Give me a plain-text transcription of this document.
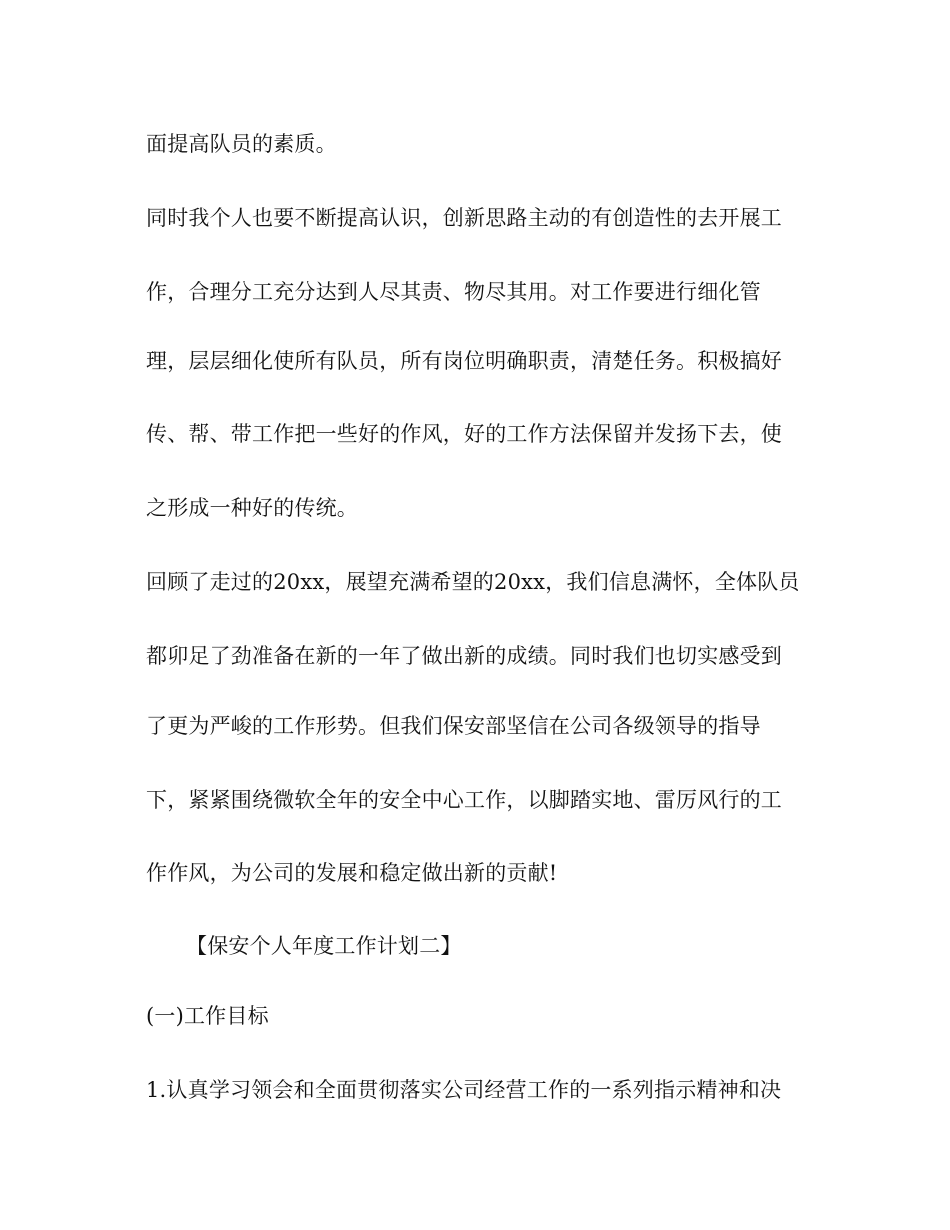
面提高队员的素质。
同时我个人也要不断提高认识，创新思路主动的有创造性的去开展工
作，合理分工充分达到人尽其责、物尽其用。对工作要进行细化管
理，层层细化使所有队员，所有岗位明确职责，清楚任务。积极搞好
传、帮、带工作把一些好的作风，好的工作方法保留并发扬下去，使
之形成一种好的传统。
回顾了走过的20xx，展望充满希望的20xx，我们信息满怀，全体队员
都卯足了劲准备在新的一年了做出新的成绩。同时我们也切实感受到
了更为严峻的工作形势。但我们保安部坚信在公司各级领导的指导
下，紧紧围绕微软全年的安全中心工作，以脚踏实地、雷厉风行的工
作作风，为公司的发展和稳定做出新的贡献!
【保安个人年度工作计划二】
(一)工作目标
1.认真学习领会和全面贯彻落实公司经营工作的一系列指示精神和决
